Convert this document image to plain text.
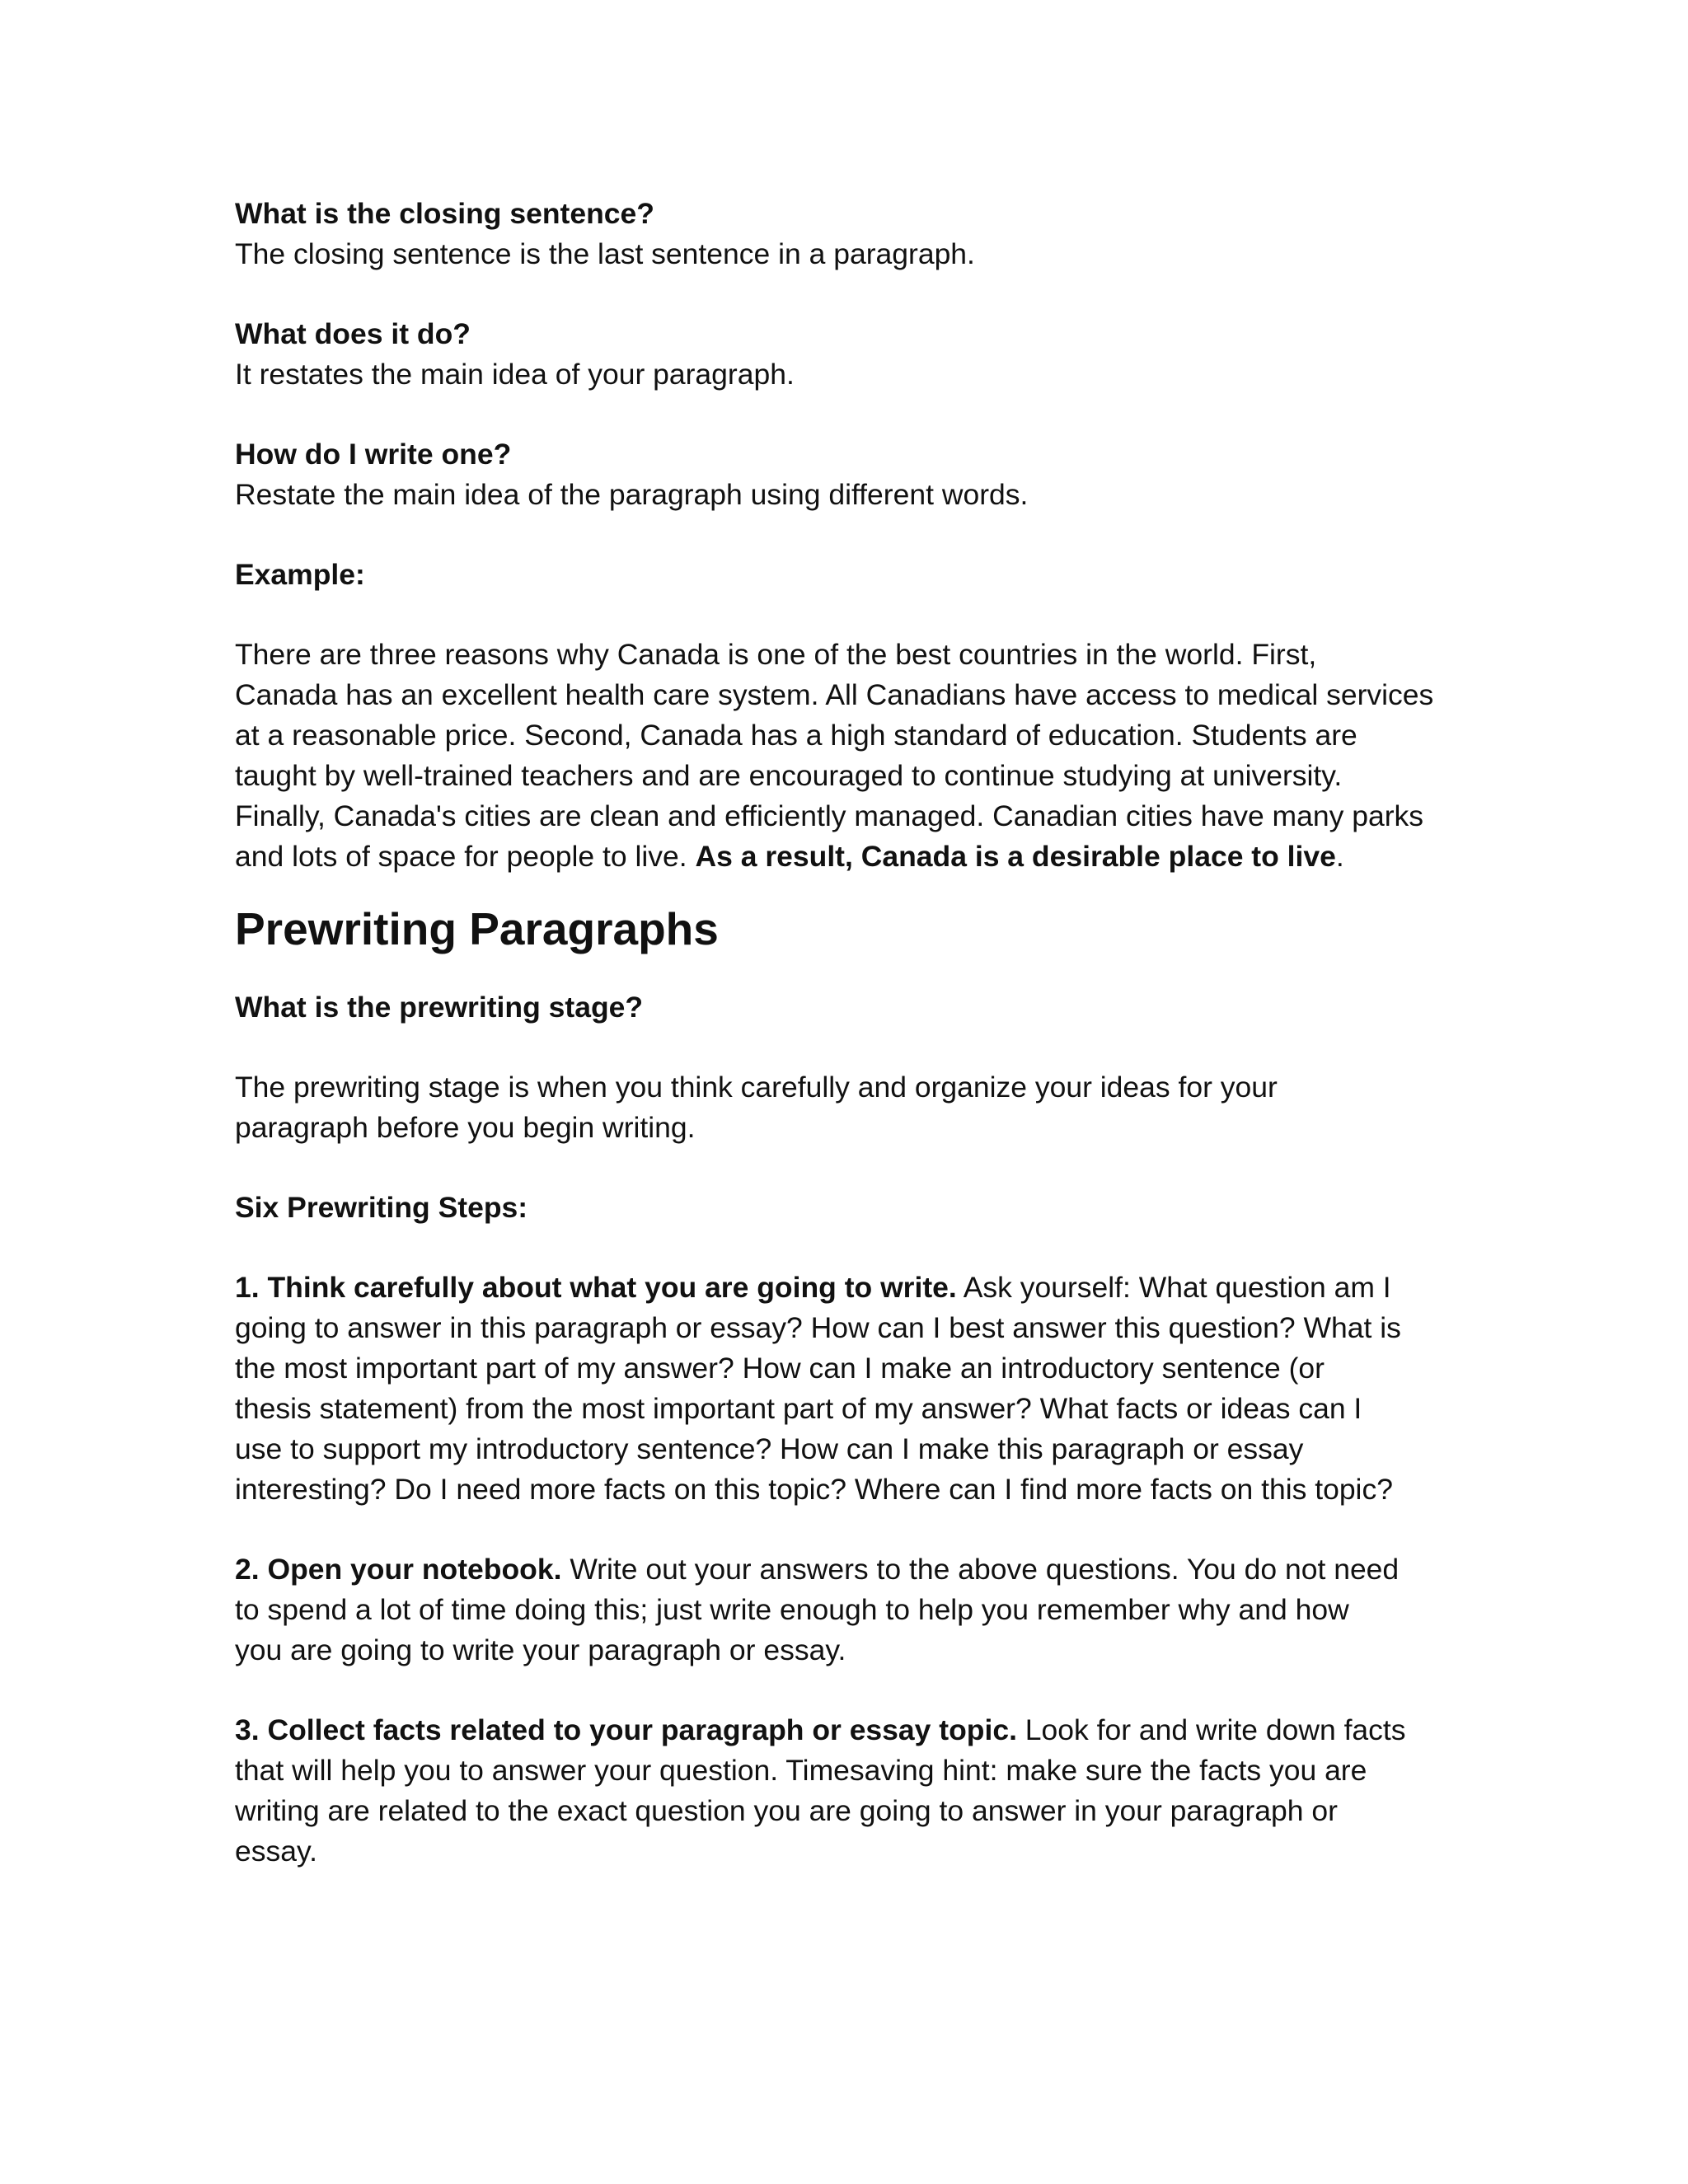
What is the closing sentence?

The closing sentence is the last sentence in a paragraph.

What does it do?

It restates the main idea of your paragraph.

How do I write one?

Restate the main idea of the paragraph using different words.

Example:

There are three reasons why Canada is one of the best countries in the world. First,

Canada has an excellent health care system. All Canadians have access to medical services

at a reasonable price. Second, Canada has a high standard of education. Students are

taught by well-trained teachers and are encouraged to continue studying at university.

Finally, Canada's cities are clean and efficiently managed. Canadian cities have many parks

and lots of space for people to live. As a result, Canada is a desirable place to live.

Prewriting Paragraphs

What is the prewriting stage?

The prewriting stage is when you think carefully and organize your ideas for your

paragraph before you begin writing.

Six Prewriting Steps:

1. Think carefully about what you are going to write. Ask yourself: What question am I

going to answer in this paragraph or essay? How can I best answer this question? What is

the most important part of my answer? How can I make an introductory sentence (or

thesis statement) from the most important part of my answer? What facts or ideas can I

use to support my introductory sentence? How can I make this paragraph or essay

interesting? Do I need more facts on this topic? Where can I find more facts on this topic?

2. Open your notebook. Write out your answers to the above questions. You do not need

to spend a lot of time doing this; just write enough to help you remember why and how

you are going to write your paragraph or essay.

3. Collect facts related to your paragraph or essay topic. Look for and write down facts

that will help you to answer your question. Timesaving hint: make sure the facts you are

writing are related to the exact question you are going to answer in your paragraph or

essay.
